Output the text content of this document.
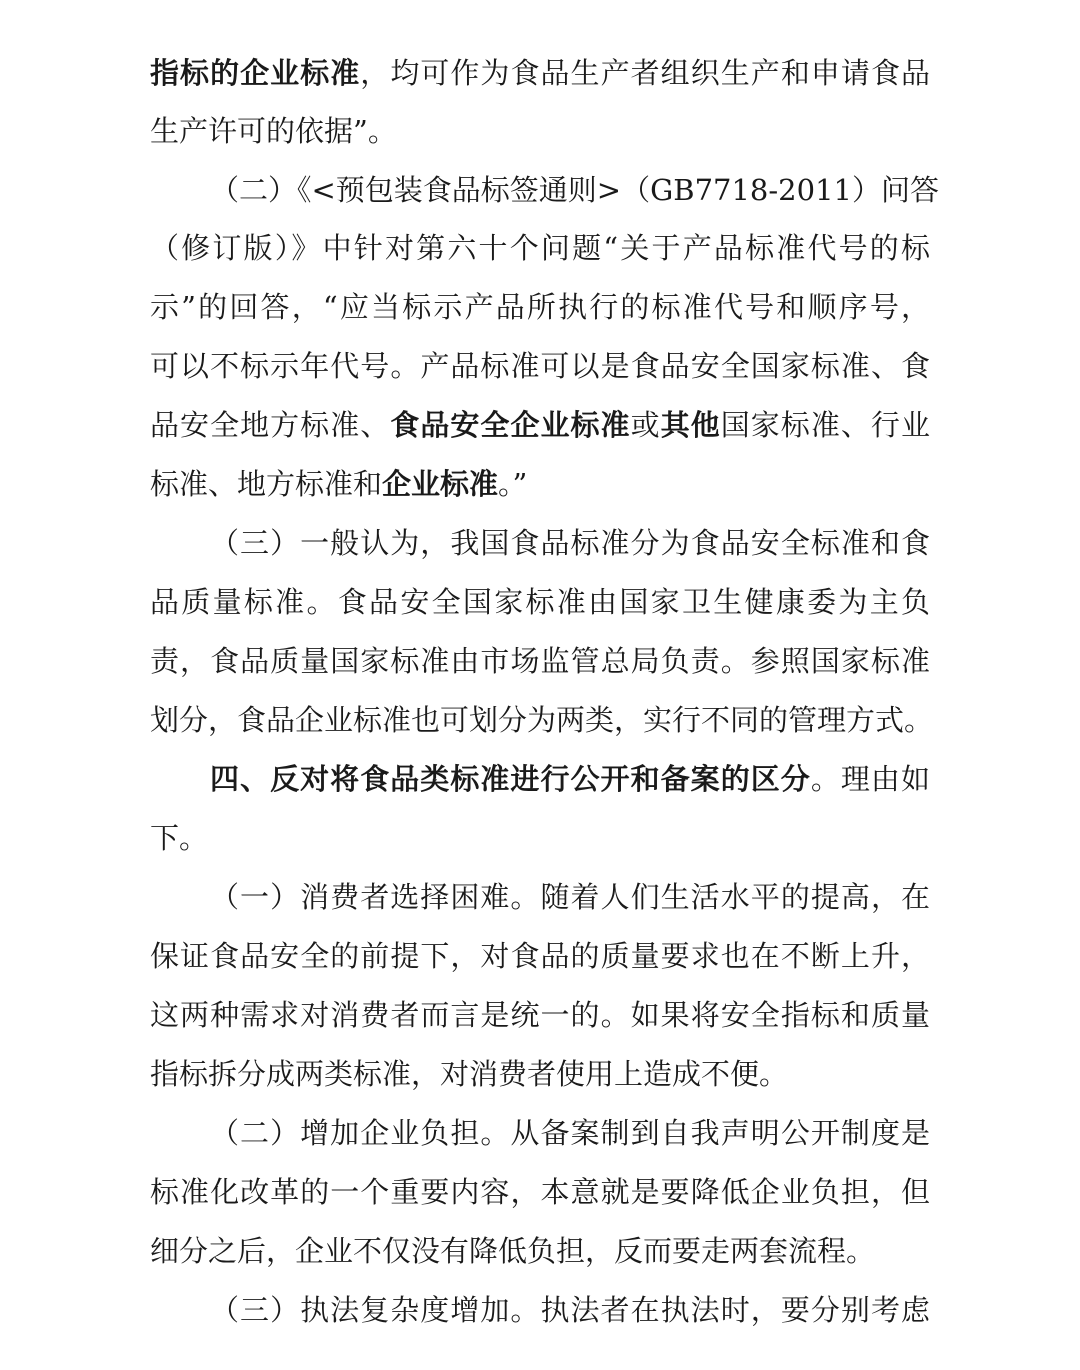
指标的企业标准，均可作为食品生产者组织生产和申请食品
生产许可的依据”。
（二）《<预包装食品标签通则>（GB7718-2011）问答
（修订版）》中针对第六十个问题“关于产品标准代号的标
示”的回答，“应当标示产品所执行的标准代号和顺序号，
可以不标示年代号。产品标准可以是食品安全国家标准、食
品安全地方标准、食品安全企业标准或其他国家标准、行业
标准、地方标准和企业标准。”
（三）一般认为，我国食品标准分为食品安全标准和食
品质量标准。食品安全国家标准由国家卫生健康委为主负
责，食品质量国家标准由市场监管总局负责。参照国家标准
划分，食品企业标准也可划分为两类，实行不同的管理方式。
四、反对将食品类标准进行公开和备案的区分。理由如
下。
（一）消费者选择困难。随着人们生活水平的提高，在
保证食品安全的前提下，对食品的质量要求也在不断上升，
这两种需求对消费者而言是统一的。如果将安全指标和质量
指标拆分成两类标准，对消费者使用上造成不便。
（二）增加企业负担。从备案制到自我声明公开制度是
标准化改革的一个重要内容，本意就是要降低企业负担，但
细分之后，企业不仅没有降低负担，反而要走两套流程。
（三）执法复杂度增加。执法者在执法时，要分别考虑
